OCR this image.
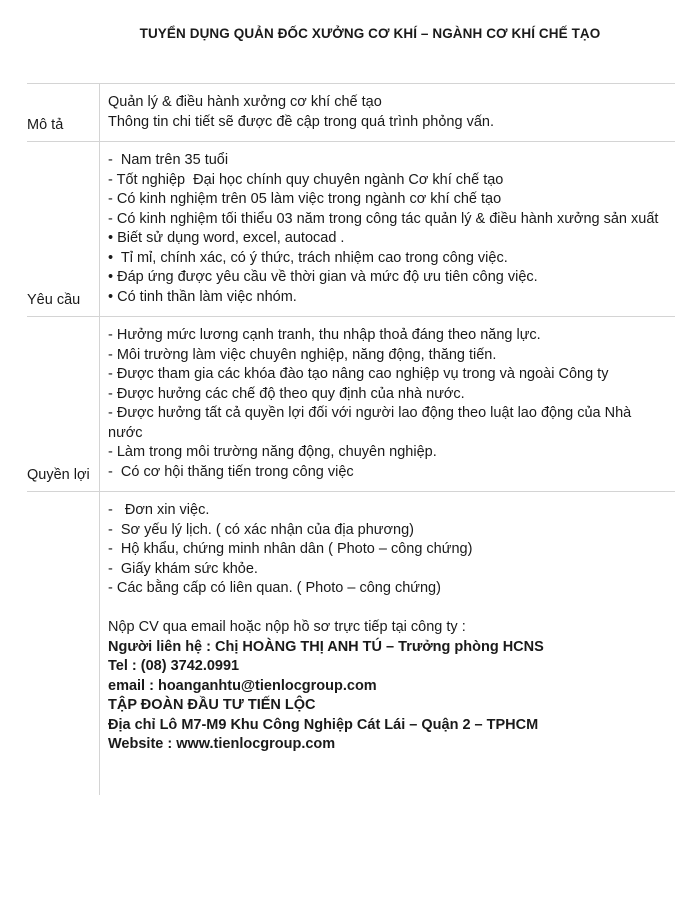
TUYỂN DỤNG QUẢN ĐỐC XƯỞNG CƠ KHÍ – NGÀNH CƠ KHÍ CHẾ TẠO
Mô tả
Quản lý & điều hành xưởng cơ khí chế tạo
Thông tin chi tiết sẽ được đề cập trong quá trình phỏng vấn.
Yêu cầu
-  Nam trên 35 tuổi
- Tốt nghiệp  Đại học chính quy chuyên ngành Cơ khí chế tạo
- Có kinh nghiệm trên 05 làm việc trong ngành cơ khí chế tạo
- Có kinh nghiệm tối thiểu 03 năm trong công tác quản lý & điều hành xưởng sản xuất
• Biết sử dụng word, excel, autocad .
•  Tỉ mỉ, chính xác, có ý thức, trách nhiệm cao trong công việc.
• Đáp ứng được yêu cầu về thời gian và mức độ ưu tiên công việc.
• Có tinh thần làm việc nhóm.
Quyền lợi
- Hưởng mức lương cạnh tranh, thu nhập thoả đáng theo năng lực.
- Môi trường làm việc chuyên nghiệp, năng động, thăng tiến.
- Được tham gia các khóa đào tạo nâng cao nghiệp vụ trong và ngoài Công ty
- Được hưởng các chế độ theo quy định của nhà nước.
- Được hưởng tất cả quyền lợi đối với người lao động theo luật lao động của Nhà nước
- Làm trong môi trường năng động, chuyên nghiệp.
-  Có cơ hội thăng tiến trong công việc
-   Đơn xin việc.
-  Sơ yếu lý lịch. ( có xác nhận của địa phương)
-  Hộ khẩu, chứng minh nhân dân ( Photo – công chứng)
-  Giấy khám sức khỏe.
- Các bằng cấp có liên quan. ( Photo – công chứng)
Nộp CV qua email hoặc nộp hồ sơ trực tiếp tại công ty :
Người liên hệ : Chị HOÀNG THỊ ANH TÚ – Trưởng phòng HCNS
Tel : (08) 3742.0991
email : hoanganhtu@tienlocgroup.com
TẬP ĐOÀN ĐẦU TƯ TIẾN LỘC
Địa chỉ Lô M7-M9 Khu Công Nghiệp Cát Lái – Quận 2 – TPHCM
Website : www.tienlocgroup.com
